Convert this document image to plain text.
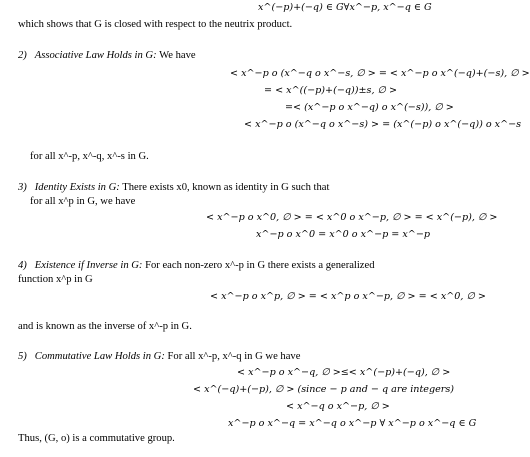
x^(−p)+(−q) ∈ G∀x^−p, x^−q ∈ G
which shows that G is closed with respect to the neutrix product.
2) Associative Law Holds in G: We have
< x^−p o (x^−q o x^−s, ∅ > = < x^−p o x^(−q)+(−s), ∅ >
= < x^((−p)+(−q))±s, ∅ >
=< (x^−p o x^−q) o x^(−s)), ∅ >
< x^−p o (x^−q o x^−s) > = (x^(−p) o x^(−q)) o x^−s
for all x^-p, x^-q, x^-s in G.
3) Identity Exists in G: There exists x0, known as identity in G such that
for all x^p in G, we have
< x^−p o x^0, ∅ > = < x^0 o x^−p, ∅ > = < x^(−p), ∅ >
x^−p o x^0 = x^0 o x^−p = x^−p
4) Existence if Inverse in G: For each non-zero x^-p in G there exists a generalized
function x^p in G
< x^−p o x^p, ∅ > = < x^p o x^−p, ∅ > = < x^0, ∅ >
and is known as the inverse of x^-p in G.
5) Commutative Law Holds in G: For all x^-p, x^-q in G we have
< x^−p o x^−q, ∅ >≤< x^(−p)+(−q), ∅ >
< x^(−q)+(−p), ∅ > (since − p and − q are integers)
< x^−q o x^−p, ∅ >
x^−p o x^−q = x^−q o x^−p ∀ x^−p o x^−q ∈ G
Thus, (G, o) is a commutative group.
